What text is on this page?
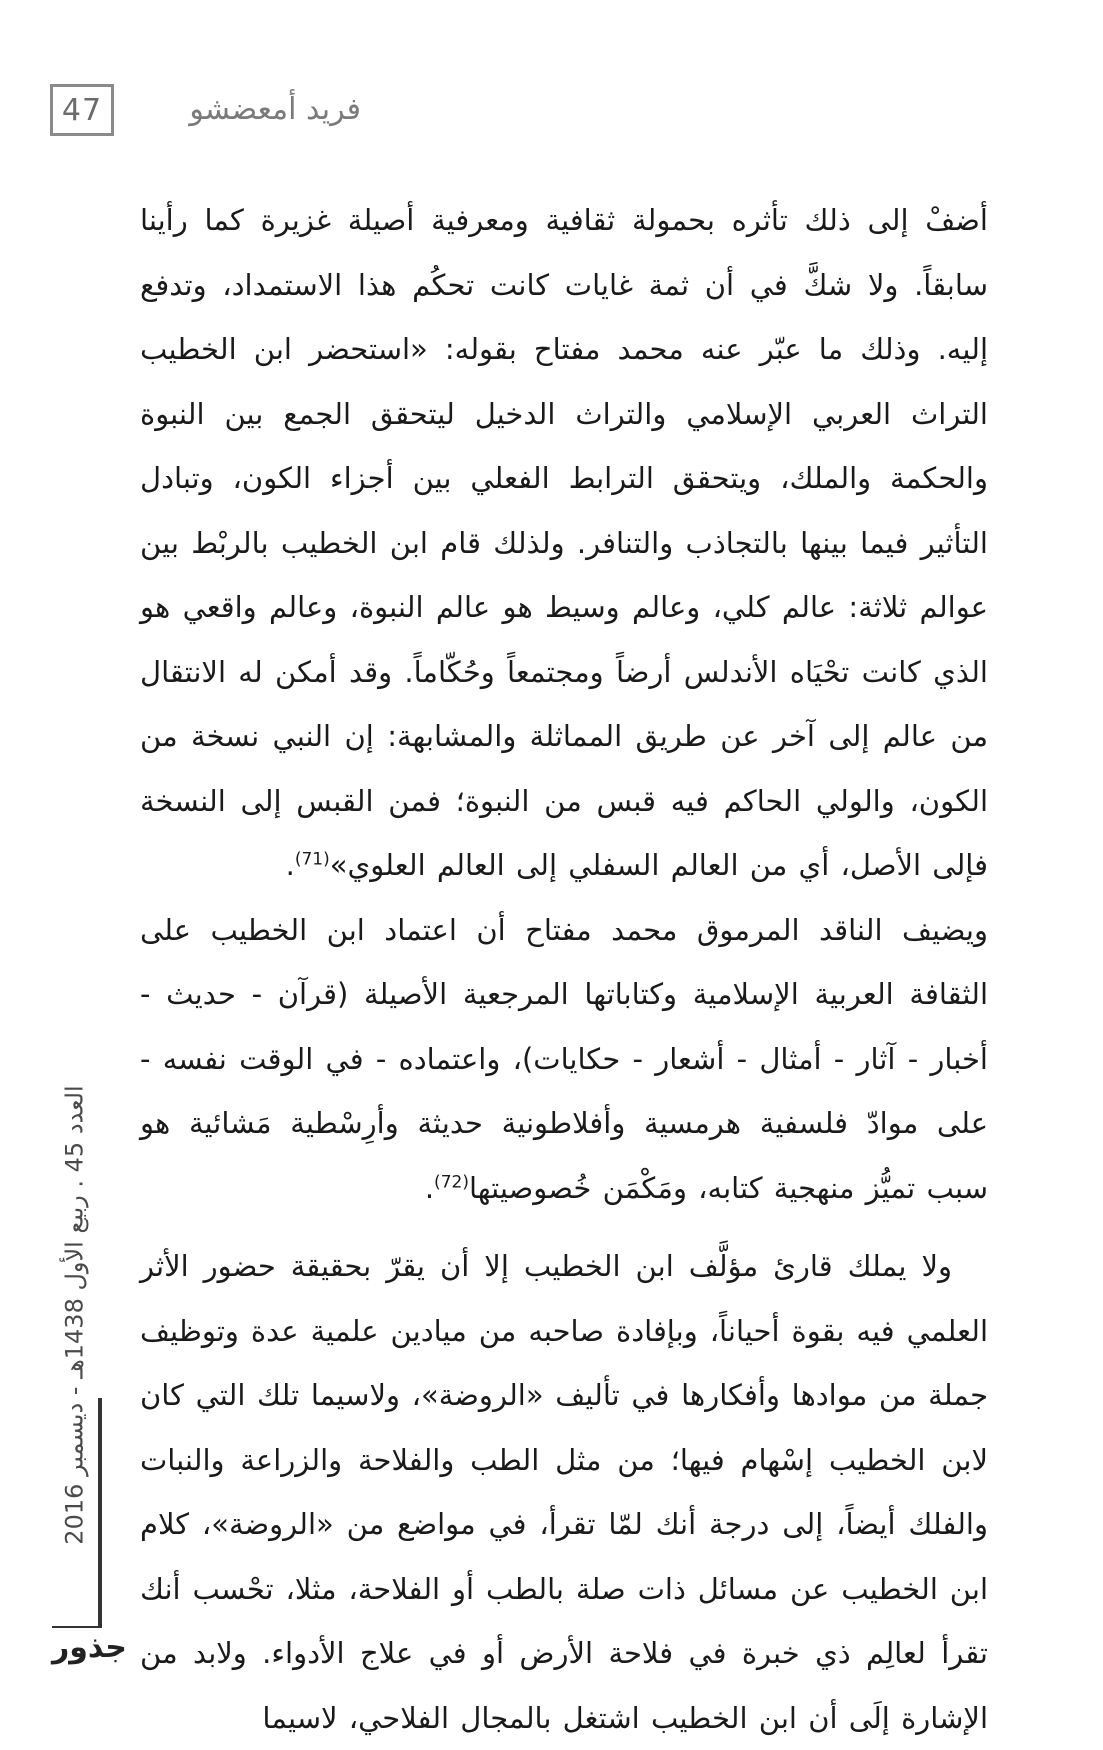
47	فريد أمعضشو

أضفْ إلى ذلك تأثره بحمولة ثقافية ومعرفية أصيلة غزيرة كما رأينا سابقاً. ولا شكَّ في أن ثمة غايات كانت تحكُم هذا الاستمداد، وتدفع إليه. وذلك ما عبّر عنه محمد مفتاح بقوله: «استحضر ابن الخطيب التراث العربي الإسلامي والتراث الدخيل ليتحقق الجمع بين النبوة والحكمة والملك، ويتحقق الترابط الفعلي بين أجزاء الكون، وتبادل التأثير فيما بينها بالتجاذب والتنافر. ولذلك قام ابن الخطيب بالربْط بين عوالم ثلاثة: عالم كلي، وعالم وسيط هو عالم النبوة، وعالم واقعي هو الذي كانت تحْيَاه الأندلس أرضاً ومجتمعاً وحُكّاماً. وقد أمكن له الانتقال من عالم إلى آخر عن طريق المماثلة والمشابهة: إن النبي نسخة من الكون، والولي الحاكم فيه قبس من النبوة؛ فمن القبس إلى النسخة فإلى الأصل، أي من العالم السفلي إلى العالم العلوي»$^{(71)}$.

ويضيف الناقد المرموق محمد مفتاح أن اعتماد ابن الخطيب على الثقافة العربية الإسلامية وكتاباتها المرجعية الأصيلة (قرآن - حديث - أخبار - آثار - أمثال - أشعار - حكايات)، واعتماده - في الوقت نفسه - على موادّ فلسفية هرمسية وأفلاطونية حديثة وأرِسْطية مَشائية هو سبب تميُّز منهجية كتابه، ومَكْمَن خُصوصيتها$^{(72)}$.

ولا يملك قارئ مؤلَّف ابن الخطيب إلا أن يقرّ بحقيقة حضور الأثر العلمي فيه بقوة أحياناً، وبإفادة صاحبه من ميادين علمية عدة وتوظيف جملة من موادها وأفكارها في تأليف «الروضة»، ولاسيما تلك التي كان لابن الخطيب إسْهام فيها؛ من مثل الطب والفلاحة والزراعة والنبات والفلك أيضاً، إلى درجة أنك لمّا تقرأ، في مواضع من «الروضة»، كلام ابن الخطيب عن مسائل ذات صلة بالطب أو الفلاحة، مثلا، تحْسب أنك تقرأ لعالِم ذي خبرة في فلاحة الأرض أو في علاج الأدواء. ولابد من الإشارة إلَى أن ابن الخطيب اشتغل بالمجال الفلاحي، لاسيما

العدد 45 . ربيع الأول 1438هـ - ديسمبر 2016
جذور
